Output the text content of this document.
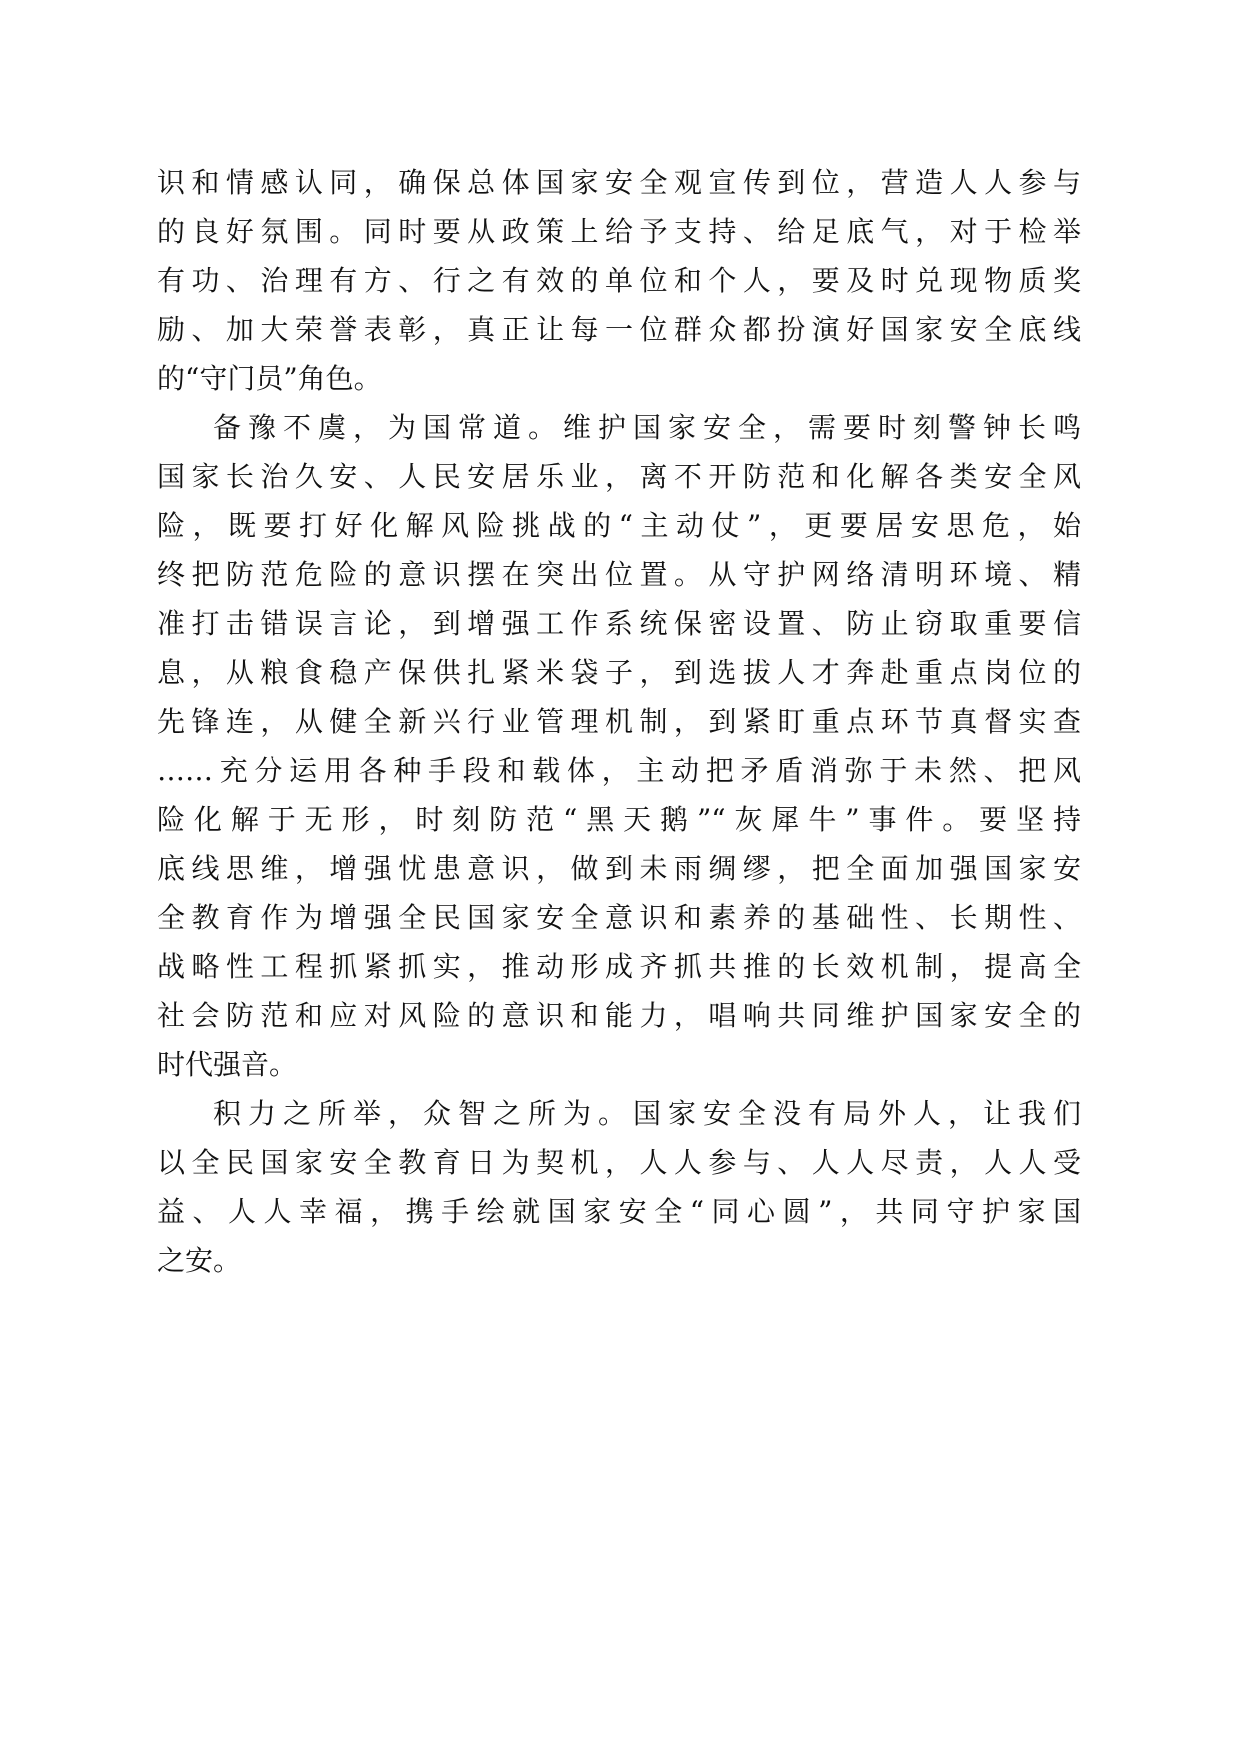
识和情感认同，确保总体国家安全观宣传到位，营造人人参与
的良好氛围。同时要从政策上给予支持、给足底气，对于检举
有功、治理有方、行之有效的单位和个人，要及时兑现物质奖
励、加大荣誉表彰，真正让每一位群众都扮演好国家安全底线
的“守门员”角色。
备豫不虞，为国常道。维护国家安全，需要时刻警钟长鸣
国家长治久安、人民安居乐业，离不开防范和化解各类安全风
险，既要打好化解风险挑战的“主动仗”，更要居安思危，始
终把防范危险的意识摆在突出位置。从守护网络清明环境、精
准打击错误言论，到增强工作系统保密设置、防止窃取重要信
息，从粮食稳产保供扎紧米袋子，到选拔人才奔赴重点岗位的
先锋连，从健全新兴行业管理机制，到紧盯重点环节真督实查
……充分运用各种手段和载体，主动把矛盾消弥于未然、把风
险化解于无形，时刻防范“黑天鹅”“灰犀牛”事件。要坚持
底线思维，增强忧患意识，做到未雨绸缪，把全面加强国家安
全教育作为增强全民国家安全意识和素养的基础性、长期性、
战略性工程抓紧抓实，推动形成齐抓共推的长效机制，提高全
社会防范和应对风险的意识和能力，唱响共同维护国家安全的
时代强音。
积力之所举，众智之所为。国家安全没有局外人，让我们
以全民国家安全教育日为契机，人人参与、人人尽责，人人受
益、人人幸福，携手绘就国家安全“同心圆”，共同守护家国
之安。
